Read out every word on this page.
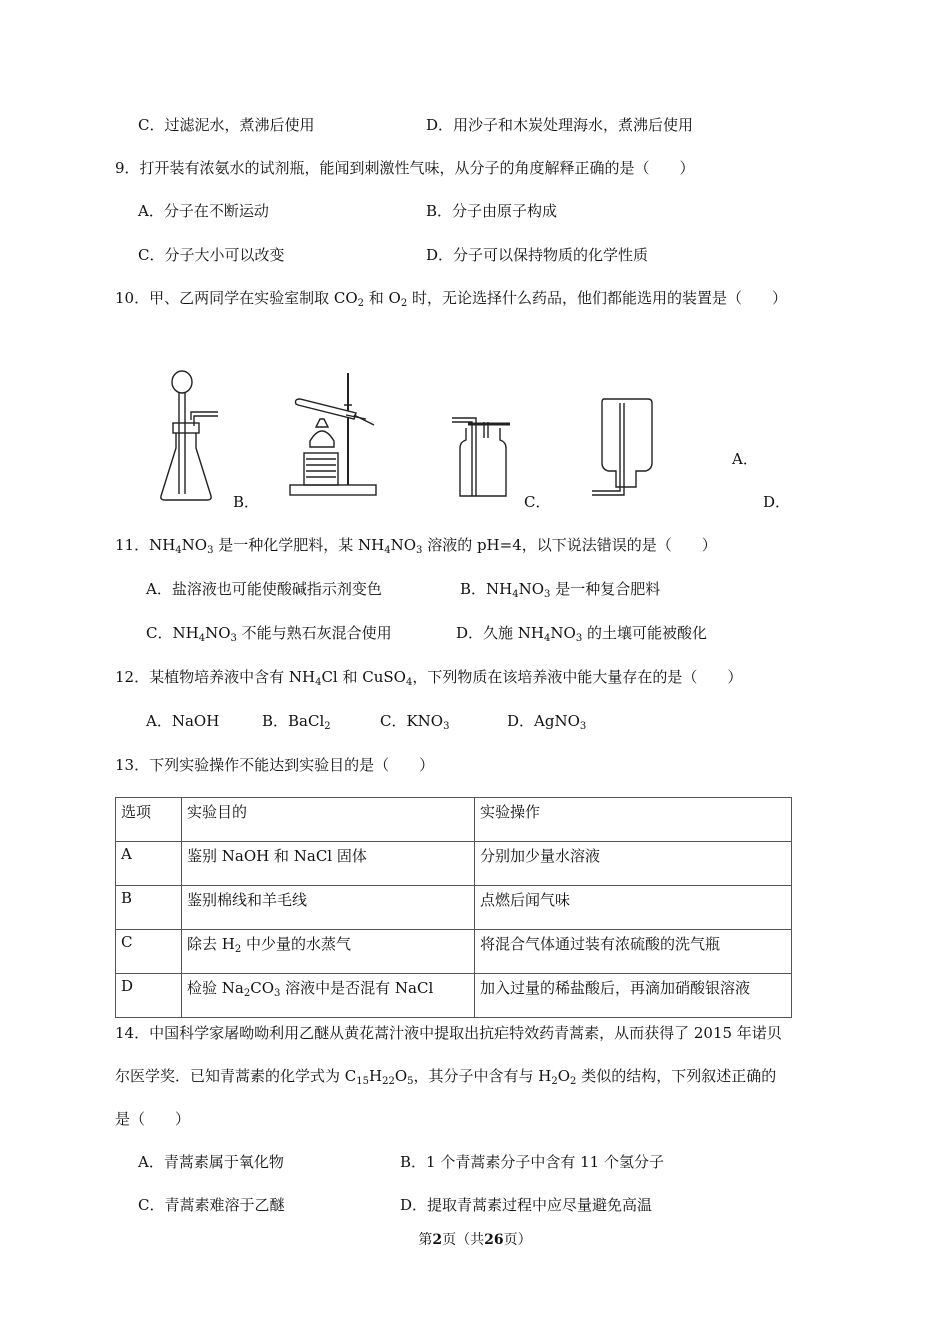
C．过滤泥水，煮沸后使用	D．用沙子和木炭处理海水，煮沸后使用
9．打开装有浓氨水的试剂瓶，能闻到刺激性气味，从分子的角度解释正确的是（　　）
A．分子在不断运动	B．分子由原子构成
C．分子大小可以改变	D．分子可以保持物质的化学性质
10．甲、乙两同学在实验室制取 $CO_2$ 和 $O_2$ 时，无论选择什么药品，他们都能选用的装置是（　　）
B．	C．
A．
D．
11．$NH_4NO_3$ 是一种化学肥料，某 $NH_4NO_3$ 溶液的 pH=4，以下说法错误的是（　　）
A．盐溶液也可能使酸碱指示剂变色	B．$NH_4NO_3$ 是一种复合肥料
C．$NH_4NO_3$ 不能与熟石灰混合使用	D．久施 $NH_4NO_3$ 的土壤可能被酸化
12．某植物培养液中含有 $NH_4Cl$ 和 CuSO$_4$，下列物质在该培养液中能大量存在的是（　　）
A．NaOH	B．BaCl$_2$	C．$KNO_3$	D．AgNO$_3$
13．下列实验操作不能达到实验目的是（　　）
选项	实验目的	实验操作
A	鉴别 NaOH 和 NaCl 固体	分别加少量水溶液
B	鉴别棉线和羊毛线	点燃后闻气味
C	除去 $H_2$ 中少量的水蒸气	将混合气体通过装有浓硫酸的洗气瓶
D	检验 $Na_2CO_3$ 溶液中是否混有 NaCl	加入过量的稀盐酸后，再滴加硝酸银溶液
14．中国科学家屠呦呦利用乙醚从黄花蒿汁液中提取出抗疟特效药青蒿素，从而获得了 2015 年诺贝
尔医学奖．已知青蒿素的化学式为 $C_{15}H_{22}O_5$，其分子中含有与 $H_2O_2$ 类似的结构，下列叙述正确的
是（　　）
A．青蒿素属于氧化物	B．1 个青蒿素分子中含有 11 个氢分子
C．青蒿素难溶于乙醚	D．提取青蒿素过程中应尽量避免高温
第2页（共26页）
